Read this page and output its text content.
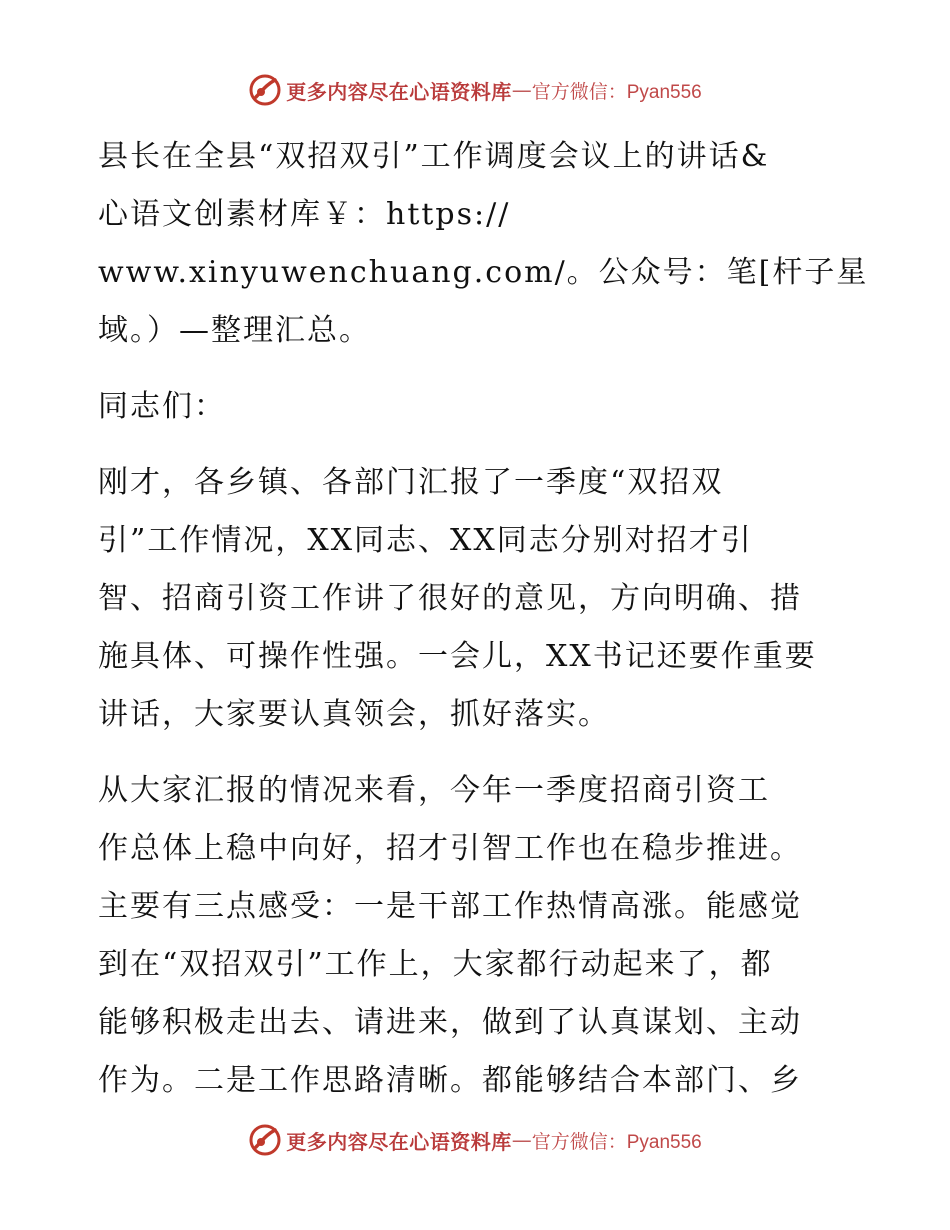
更多内容尽在心语资料库 — 官方微信：Pyan556

县长在全县“双招双引”工作调度会议上的讲话&
心语文创素材库￥：https://
www.xinyuwenchuang.com/。公众号：笔[杆子星
域。）—整理汇总。

同志们：

刚才，各乡镇、各部门汇报了一季度“双招双
引”工作情况，XX同志、XX同志分别对招才引
智、招商引资工作讲了很好的意见，方向明确、措
施具体、可操作性强。一会儿，XX书记还要作重要
讲话，大家要认真领会，抓好落实。

从大家汇报的情况来看，今年一季度招商引资工
作总体上稳中向好，招才引智工作也在稳步推进。
主要有三点感受：一是干部工作热情高涨。能感觉
到在“双招双引”工作上，大家都行动起来了，都
能够积极走出去、请进来，做到了认真谋划、主动
作为。二是工作思路清晰。都能够结合本部门、乡

更多内容尽在心语资料库 — 官方微信：Pyan556
